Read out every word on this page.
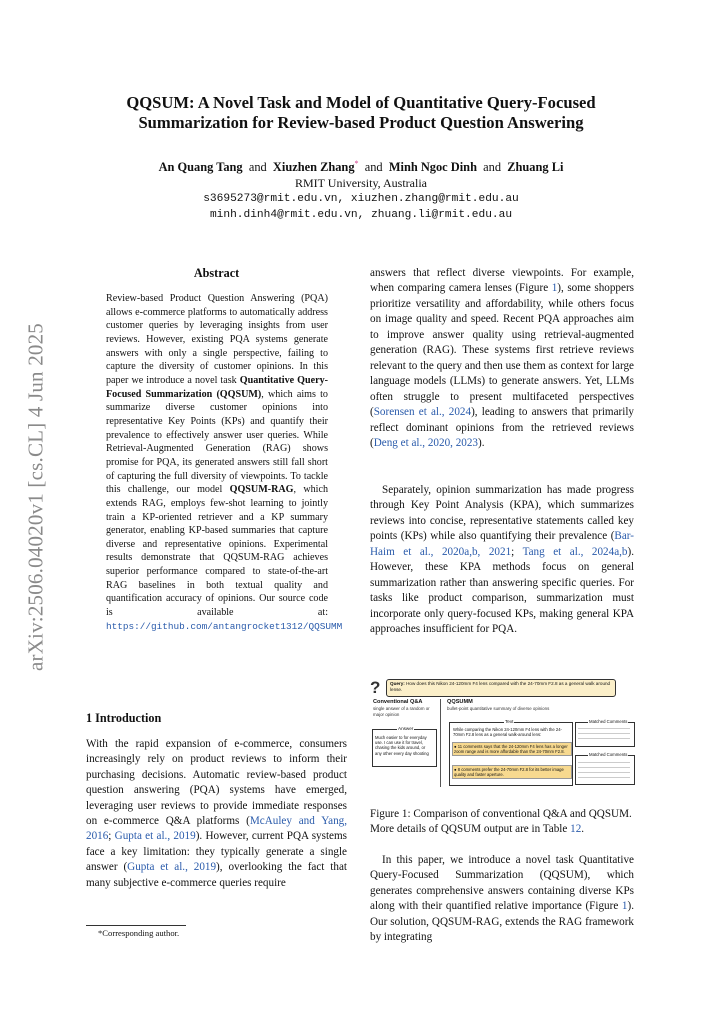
arXiv:2506.04020v1 [cs.CL] 4 Jun 2025
QQSUM: A Novel Task and Model of Quantitative Query-Focused
Summarization for Review-based Product Question Answering
An Quang Tang and Xiuzhen Zhang* and Minh Ngoc Dinh and Zhuang Li
RMIT University, Australia
s3695273@rmit.edu.vn, xiuzhen.zhang@rmit.edu.au
minh.dinh4@rmit.edu.vn, zhuang.li@rmit.edu.au
Abstract
Review-based Product Question Answering (PQA) allows e-commerce platforms to automatically address customer queries by leveraging insights from user reviews. However, existing PQA systems generate answers with only a single perspective, failing to capture the diversity of customer opinions. In this paper we introduce a novel task Quantitative Query-Focused Summarization (QQSUM), which aims to summarize diverse customer opinions into representative Key Points (KPs) and quantify their prevalence to effectively answer user queries. While Retrieval-Augmented Generation (RAG) shows promise for PQA, its generated answers still fall short of capturing the full diversity of viewpoints. To tackle this challenge, our model QQSUM-RAG, which extends RAG, employs few-shot learning to jointly train a KP-oriented retriever and a KP summary generator, enabling KP-based summaries that capture diverse and representative opinions. Experimental results demonstrate that QQSUM-RAG achieves superior performance compared to state-of-the-art RAG baselines in both textual quality and quantification accuracy of opinions. Our source code is available at: https://github.com/antangrocket1312/QQSUMM
1 Introduction
With the rapid expansion of e-commerce, consumers increasingly rely on product reviews to inform their purchasing decisions. Automatic review-based product question answering (PQA) systems have emerged, leveraging user reviews to provide immediate responses on e-commerce Q&A platforms (McAuley and Yang, 2016; Gupta et al., 2019). However, current PQA systems face a key limitation: they typically generate a single answer (Gupta et al., 2019), overlooking the fact that many subjective e-commerce queries require
*Corresponding author.
answers that reflect diverse viewpoints. For example, when comparing camera lenses (Figure 1), some shoppers prioritize versatility and affordability, while others focus on image quality and speed. Recent PQA approaches aim to improve answer quality using retrieval-augmented generation (RAG). These systems first retrieve reviews relevant to the query and then use them as context for large language models (LLMs) to generate answers. Yet, LLMs often struggle to present multifaceted perspectives (Sorensen et al., 2024), leading to answers that primarily reflect dominant opinions from the retrieved reviews (Deng et al., 2020, 2023).
Separately, opinion summarization has made progress through Key Point Analysis (KPA), which summarizes reviews into concise, representative statements called key points (KPs) while also quantifying their prevalence (Bar-Haim et al., 2020a,b, 2021; Tang et al., 2024a,b). However, these KPA methods focus on general summarization rather than answering specific queries. For tasks like product comparison, summarization must incorporate only query-focused KPs, making general KPA approaches insufficient for PQA.
?	Query: How does this Nikon 24-120mm F4 lens compared with the 24-70mm F2.8 as a general walk around lense.
Conventional Q&A
single answer of a random or major opinion
Answer
Much easier to for everyday use. I can use it for travel, chasing the kids around, or any other every day shooting
QQSUMM
bullet-point quantitative summary of diverse opinions
Text
While comparing the Nikon 24-120mm F4 lens with the 24-70mm F2.8 lens as a general walk-around lens:
● 11 comments says that the 24-120mm F4 lens has a longer zoom range and is more affordable than the 24-70mm F2.8.
● 8 comments prefer the 24-70mm F2.8 for its better image quality and faster aperture.
Matched Comments
Matched Comments
Figure 1: Comparison of conventional Q&A and QQSUM. More details of QQSUM output are in Table 12.
In this paper, we introduce a novel task Quantitative Query-Focused Summarization (QQSUM), which generates comprehensive answers containing diverse KPs along with their quantified relative importance (Figure 1). Our solution, QQSUM-RAG, extends the RAG framework by integrating
